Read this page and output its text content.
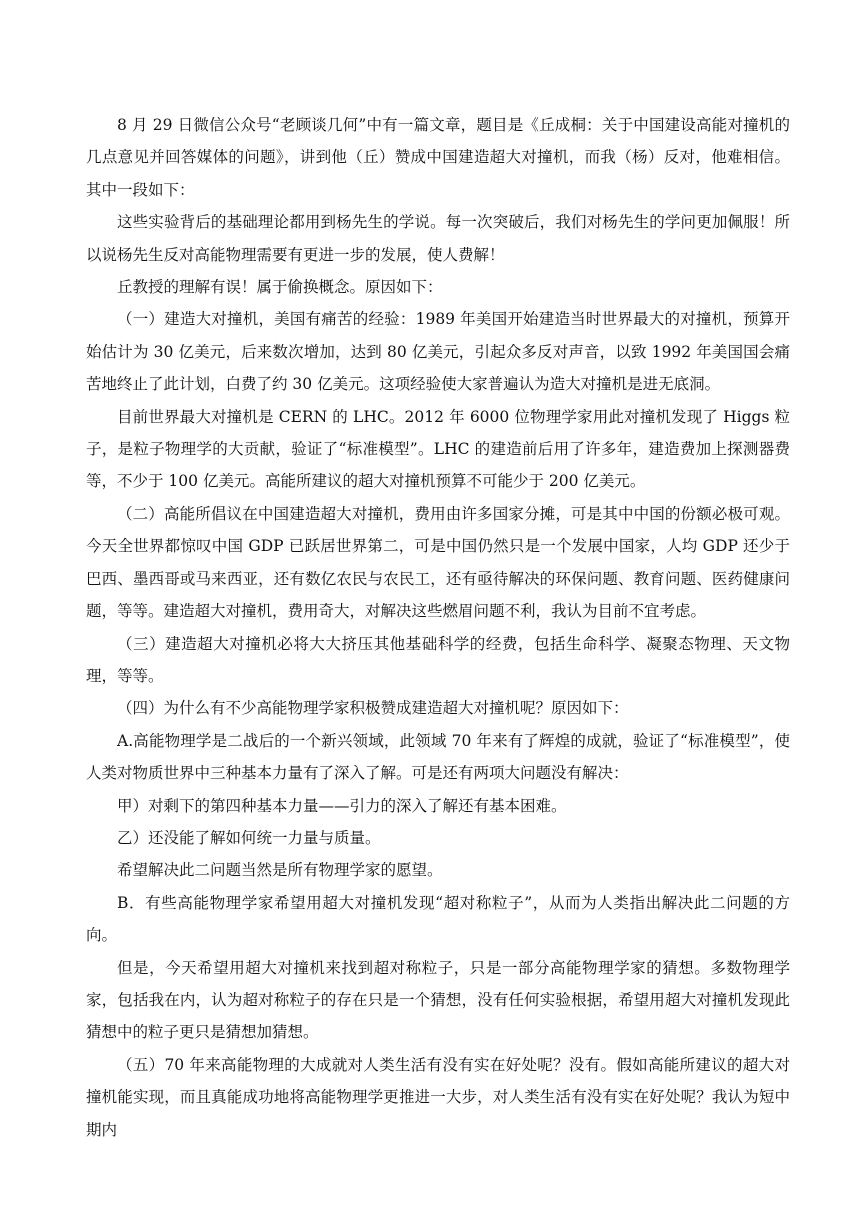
8 月 29 日微信公众号“老顾谈几何”中有一篇文章，题目是《丘成桐：关于中国建设高能对撞机的几点意见并回答媒体的问题》，讲到他（丘）赞成中国建造超大对撞机，而我（杨）反对，他难相信。其中一段如下：

这些实验背后的基础理论都用到杨先生的学说。每一次突破后，我们对杨先生的学问更加佩服！所以说杨先生反对高能物理需要有更进一步的发展，使人费解！

丘教授的理解有误！属于偷换概念。原因如下：

（一）建造大对撞机，美国有痛苦的经验：1989 年美国开始建造当时世界最大的对撞机，预算开始估计为 30 亿美元，后来数次增加，达到 80 亿美元，引起众多反对声音，以致 1992 年美国国会痛苦地终止了此计划，白费了约 30 亿美元。这项经验使大家普遍认为造大对撞机是进无底洞。

目前世界最大对撞机是 CERN 的 LHC。2012 年 6000 位物理学家用此对撞机发现了 Higgs 粒子，是粒子物理学的大贡献，验证了“标准模型”。LHC 的建造前后用了许多年，建造费加上探测器费等，不少于 100 亿美元。高能所建议的超大对撞机预算不可能少于 200 亿美元。

（二）高能所倡议在中国建造超大对撞机，费用由许多国家分摊，可是其中中国的份额必极可观。今天全世界都惊叹中国 GDP 已跃居世界第二，可是中国仍然只是一个发展中国家，人均 GDP 还少于巴西、墨西哥或马来西亚，还有数亿农民与农民工，还有亟待解决的环保问题、教育问题、医药健康问题，等等。建造超大对撞机，费用奇大，对解决这些燃眉问题不利，我认为目前不宜考虑。

（三）建造超大对撞机必将大大挤压其他基础科学的经费，包括生命科学、凝聚态物理、天文物理，等等。

（四）为什么有不少高能物理学家积极赞成建造超大对撞机呢？原因如下：

A.高能物理学是二战后的一个新兴领域，此领域 70 年来有了辉煌的成就，验证了“标准模型”，使人类对物质世界中三种基本力量有了深入了解。可是还有两项大问题没有解决：

甲）对剩下的第四种基本力量——引力的深入了解还有基本困难。

乙）还没能了解如何统一力量与质量。

希望解决此二问题当然是所有物理学家的愿望。

B．有些高能物理学家希望用超大对撞机发现“超对称粒子”，从而为人类指出解决此二问题的方向。

但是，今天希望用超大对撞机来找到超对称粒子，只是一部分高能物理学家的猜想。多数物理学家，包括我在内，认为超对称粒子的存在只是一个猜想，没有任何实验根据，希望用超大对撞机发现此猜想中的粒子更只是猜想加猜想。

（五）70 年来高能物理的大成就对人类生活有没有实在好处呢？没有。假如高能所建议的超大对撞机能实现，而且真能成功地将高能物理学更推进一大步，对人类生活有没有实在好处呢？我认为短中期内
